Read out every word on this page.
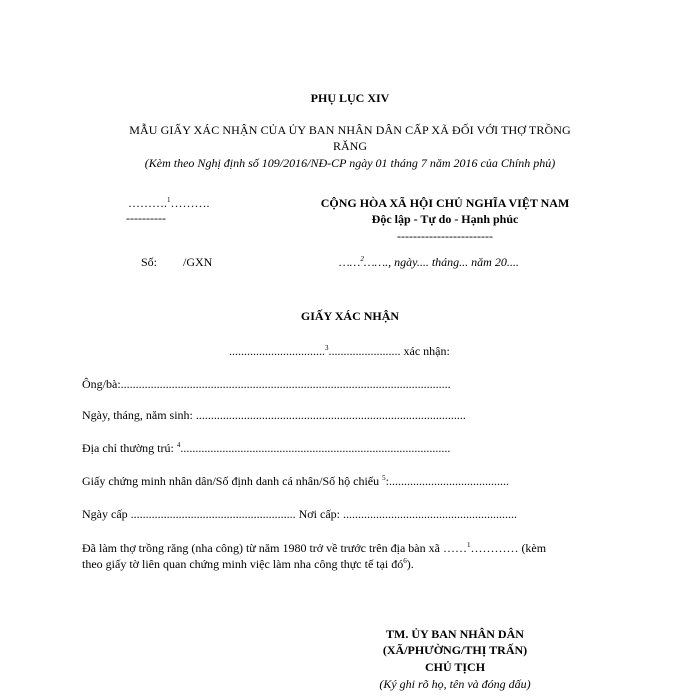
PHỤ LỤC XIV
MẪU GIẤY XÁC NHẬN CỦA ỦY BAN NHÂN DÂN CẤP XÃ ĐỐI VỚI THỢ TRỒNG
RĂNG
(Kèm theo Nghị định số 109/2016/NĐ-CP ngày 01 tháng 7 năm 2016 của Chính phủ)
……….$^1$……….
----------
CỘNG HÒA XÃ HỘI CHỦ NGHĨA VIỆT NAM
Độc lập - Tự do - Hạnh phúc
------------------------
Số: /GXN	……$^2$……., ngày.... tháng... năm 20....
GIẤY XÁC NHẬN
................................$^3$........................ xác nhận:
Ông/bà:..............................................................................................................
Ngày, tháng, năm sinh: ..........................................................................................
Địa chỉ thường trú: $^4$..........................................................................................
Giấy chứng minh nhân dân/Số định danh cá nhân/Số hộ chiếu $^5$:........................................
Ngày cấp ....................................................... Nơi cấp: ..........................................................
Đã làm thợ trồng răng (nha công) từ năm 1980 trở về trước trên địa bàn xã ……$^1$………… (kèm
theo giấy tờ liên quan chứng minh việc làm nha công thực tế tại $đó^6$).
TM. ỦY BAN NHÂN DÂN
(XÃ/PHƯỜNG/THỊ TRẤN)
CHỦ TỊCH
(Ký ghi rõ họ, tên và đóng dấu)
